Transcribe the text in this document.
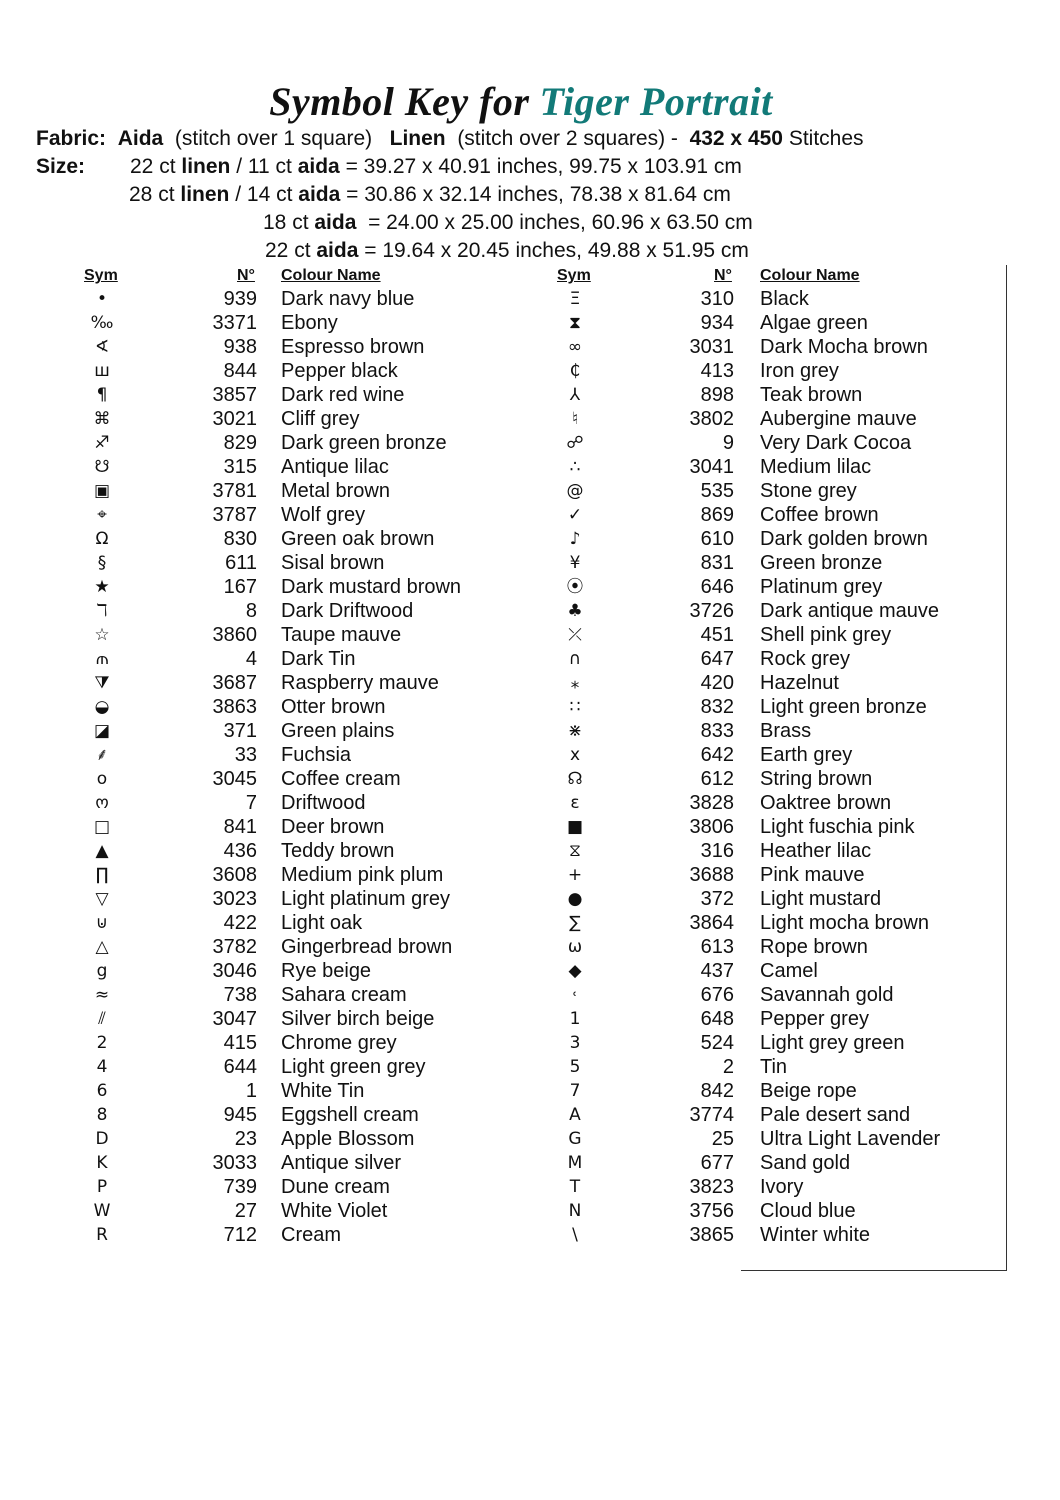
Symbol Key for Tiger Portrait
Fabric: Aida (stitch over 1 square) Linen (stitch over 2 squares) - 432 x 450 Stitches
Size: 22 ct linen / 11 ct aida = 39.27 x 40.91 inches, 99.75 x 103.91 cm
28 ct linen / 14 ct aida = 30.86 x 32.14 inches, 78.38 x 81.64 cm
18 ct aida  = 24.00 x 25.00 inches, 60.96 x 63.50 cm
22 ct aida = 19.64 x 20.45 inches, 49.88 x 51.95 cm
Sym	N° Colour Name	Sym	N° Colour Name
•	939 Dark navy blue
‰	3371 Ebony
∢	938 Espresso brown
ш	844 Pepper black
¶	3857 Dark red wine
⌘	3021 Cliff grey
♐	829 Dark green bronze
☋	315 Antique lilac
▣	3781 Metal brown
⌖	3787 Wolf grey
Ω	830 Green oak brown
§	611 Sisal brown
★	167 Dark mustard brown
ℸ	8 Dark Driftwood
☆	3860 Taupe mauve
⫙	4 Dark Tin
⧩	3687 Raspberry mauve
◒	3863 Otter brown
◪	371 Green plains
⸙	33 Fuchsia
o	3045 Coffee cream
ო	7 Driftwood
□	841 Deer brown
▲	436 Teddy brown
∏	3608 Medium pink plum
▽	3023 Light platinum grey
⊍	422 Light oak
△	3782 Gingerbread brown
g	3046 Rye beige
≈	738 Sahara cream
⫽	3047 Silver birch beige
2	415 Chrome grey
4	644 Light green grey
6	1 White Tin
8	945 Eggshell cream
D	23 Apple Blossom
K	3033 Antique silver
P	739 Dune cream
W	27 White Violet
R	712 Cream
Ξ	310 Black
⧗	934 Algae green
∞	3031 Dark Mocha brown
₵	413 Iron grey
⅄	898 Teak brown
♮	3802 Aubergine mauve
☍	9 Very Dark Cocoa
∴	3041 Medium lilac
@	535 Stone grey
✓	869 Coffee brown
♪	610 Dark golden brown
¥	831 Green bronze
⦿	646 Platinum grey
♣	3726 Dark antique mauve
⤫	451 Shell pink grey
∩	647 Rock grey
⁎	420 Hazelnut
∷	832 Light green bronze
⋇	833 Brass
x	642 Earth grey
☊	612 String brown
ε	3828 Oaktree brown
■	3806 Light fuschia pink
⧖	316 Heather lilac
+	3688 Pink mauve
●	372 Light mustard
∑	3864 Light mocha brown
ω	613 Rope brown
◆	437 Camel
˓	676 Savannah gold
1	648 Pepper grey
3	524 Light grey green
5	2 Tin
7	842 Beige rope
A	3774 Pale desert sand
G	25 Ultra Light Lavender
M	677 Sand gold
T	3823 Ivory
N	3756 Cloud blue
\	3865 Winter white
